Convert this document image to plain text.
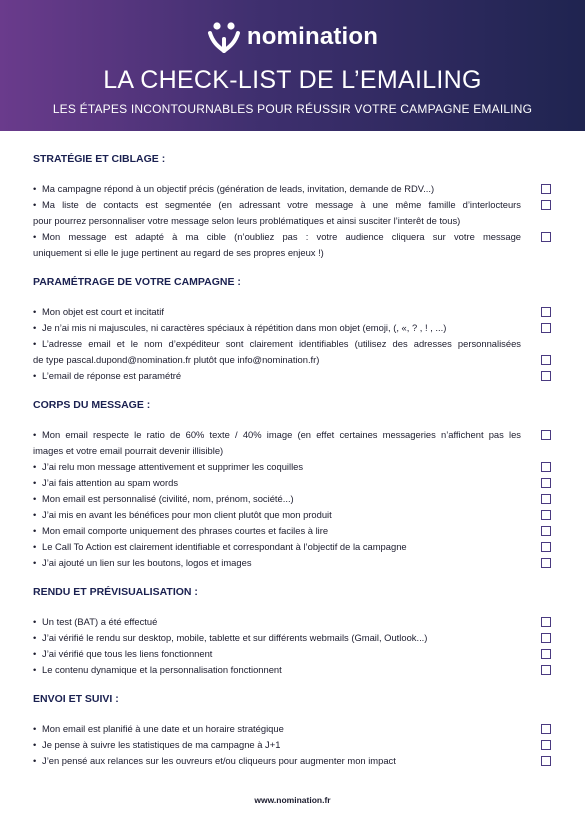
nomination
LA CHECK-LIST DE L’EMAILING
LES ÉTAPES INCONTOURNABLES POUR RÉUSSIR VOTRE CAMPAGNE EMAILING
STRATÉGIE ET CIBLAGE :
• Ma campagne répond à un objectif précis (génération de leads, invitation, demande de RDV...)
• Ma liste de contacts est segmentée (en adressant votre message à une même famille d’interlocteurs
pour pourrez personnaliser votre message selon leurs problématiques et ainsi susciter l’interêt de tous)
• Mon message est adapté à ma cible (n’oubliez pas : votre audience cliquera sur votre message
uniquement si elle le juge pertinent au regard de ses propres enjeux !)
PARAMÉTRAGE DE VOTRE CAMPAGNE :
• Mon objet est court et incitatif
• Je n’ai mis ni majuscules, ni caractères spéciaux à répétition dans mon objet (emoji, (, «, ? , ! , ...)
• L’adresse email et le nom d’expéditeur sont clairement identifiables (utilisez des adresses personnalisées
de type pascal.dupond@nomination.fr plutôt que info@nomination.fr)
• L’email de réponse est paramétré
CORPS DU MESSAGE :
• Mon email respecte le ratio de 60% texte / 40% image (en effet certaines messageries n’affichent pas les
images et votre email pourrait devenir illisible)
• J’ai relu mon message attentivement et supprimer les coquilles
• J’ai fais attention au spam words
• Mon email est personnalisé (civilité, nom, prénom, société...)
• J’ai mis en avant les bénéfices pour mon client plutôt que mon produit
• Mon email comporte uniquement des phrases courtes et faciles à lire
• Le Call To Action est clairement identifiable et correspondant à l’objectif de la campagne
• J’ai ajouté un lien sur les boutons, logos et images
RENDU ET PRÉVISUALISATION :
• Un test (BAT) a été effectué
• J’ai vérifié le rendu sur desktop, mobile, tablette et sur différents webmails (Gmail, Outlook...)
• J’ai vérifié que tous les liens fonctionnent
• Le contenu dynamique et la personnalisation fonctionnent
ENVOI ET SUIVI :
• Mon email est planifié à une date et un horaire stratégique
• Je pense à suivre les statistiques de ma campagne à J+1
• J’en pensé aux relances sur les ouvreurs et/ou cliqueurs pour augmenter mon impact
www.nomination.fr
